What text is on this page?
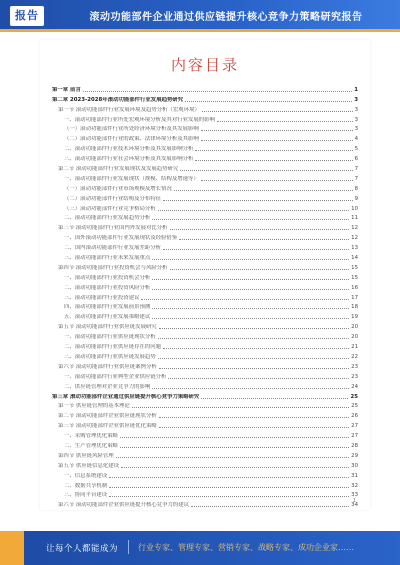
报告	滚动功能部件企业通过供应链提升核心竞争力策略研究报告
内容目录
第一章 前言	1
第二章 2023-2028年滚动功能部件行业发展趋势研究	3
第一节 滚动功能部件行业发展环境及趋势分析（宏观环境）	3
一、滚动功能部件行业所处宏观环境分析及其对行业发展的影响	3
（一）滚动功能部件行业所处经济环境分析及其发展影响	3
（二）滚动功能部件行业的政策、法律环境分析及其影响	4
二、滚动功能部件行业技术环境分析及其发展影响分析	5
三、滚动功能部件行业社会环境分析及其发展影响分析	6
第二节 滚动功能部件行业发展现状及发展趋势研究	7
一、滚动功能部件行业发展现状（规模、结构及增速等）	7
（一）滚动功能部件行业市场规模及增长情况	8
（二）滚动功能部件行业结构及分布特征	9
（三）滚动功能部件行业竞争格局分析	10
二、滚动功能部件行业发展趋势分析	11
第三节 滚动功能部件行业国内外发展对比分析	12
一、国外滚动功能部件行业发展现状及经验借鉴	12
二、国内滚动功能部件行业发展差距分析	13
三、滚动功能部件行业未来发展重点	14
第四节 滚动功能部件行业投资机会与风险分析	15
一、滚动功能部件行业投资机会分析	15
二、滚动功能部件行业投资风险分析	16
三、滚动功能部件行业投资建议	17
四、滚动功能部件行业发展前景预测	18
五、滚动功能部件行业发展策略建议	19
第五节 滚动功能部件行业供应链发展研究	20
一、滚动功能部件行业供应链现状分析	20
二、滚动功能部件行业供应链存在的问题	21
三、滚动功能部件行业供应链发展趋势	22
第六节 滚动功能部件行业供应链案例分析	23
一、滚动功能部件行业典型企业供应链分析	23
二、供应链管理对企业竞争力的影响	24
第三章 滚动功能部件企业通过供应链提升核心竞争力策略研究	25
第一节 供应链管理的基本理论	25
第二节 滚动功能部件企业供应链现状分析	26
第三节 滚动功能部件企业供应链优化策略	27
一、采购管理优化策略	27
二、生产管理优化策略	28
第四节 供应链风险管理	29
第五节 供应链信息化建设	30
一、信息系统建设	31
二、数据共享机制	32
三、协同平台建设	33
第六节 滚动功能部件企业供应链提升核心竞争力的建议	34
1
让每个人都能成为 行业专家、管理专家、营销专家、战略专家、成功企业家……
